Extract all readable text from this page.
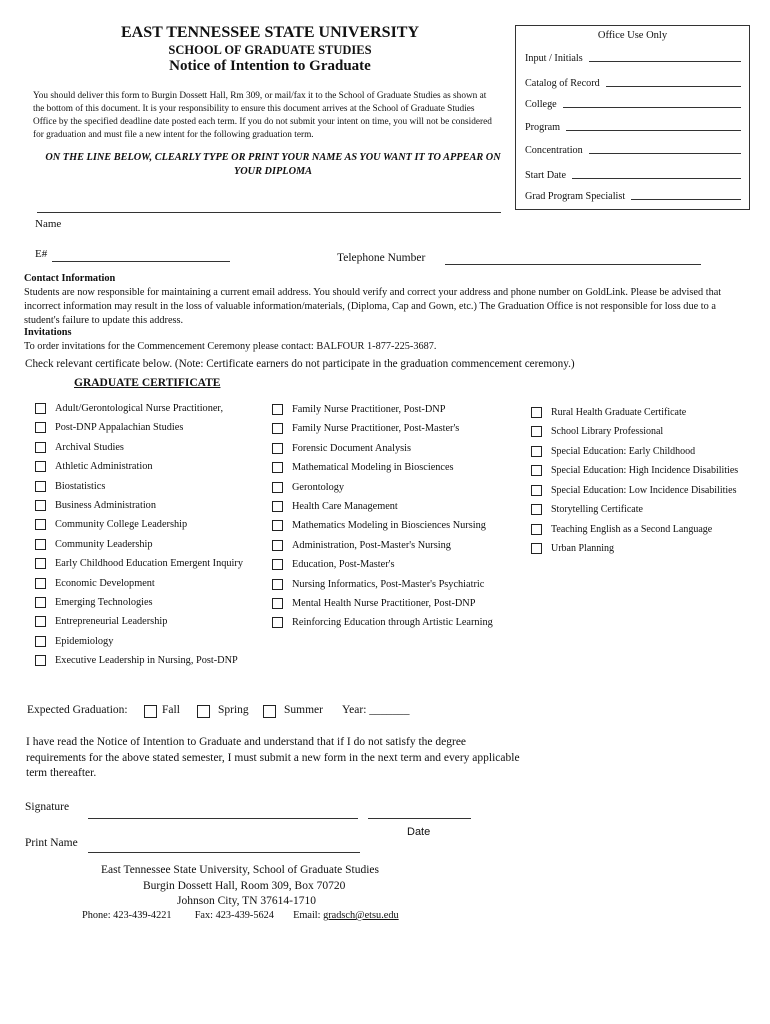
EAST TENNESSEE STATE UNIVERSITY
SCHOOL OF GRADUATE STUDIES
Notice of Intention to Graduate
You should deliver this form to Burgin Dossett Hall, Rm 309, or mail/fax it to the School of Graduate Studies as shown at the bottom of this document. It is your responsibility to ensure this document arrives at the School of Graduate Studies Office by the specified deadline date posted each term. If you do not submit your intent on time, you will not be considered for graduation and must file a new intent for the following graduation term.
ON THE LINE BELOW, CLEARLY TYPE OR PRINT YOUR NAME AS YOU WANT IT TO APPEAR ON YOUR DIPLOMA
Office Use Only
Input / Initials
Catalog of Record
College
Program
Concentration
Start Date
Grad Program Specialist
Name
E#	Telephone Number
Contact Information
Students are now responsible for maintaining a current email address. You should verify and correct your address and phone number on GoldLink. Please be advised that incorrect information may result in the loss of valuable information/materials, (Diploma, Cap and Gown, etc.) The Graduation Office is not responsible for loss due to a student's failure to update this address.
Invitations
To order invitations for the Commencement Ceremony please contact: BALFOUR 1-877-225-3687.
Check relevant certificate below. (Note: Certificate earners do not participate in the graduation commencement ceremony.)
GRADUATE CERTIFICATE
Adult/Gerontological Nurse Practitioner,
Post-DNP Appalachian Studies
Archival Studies
Athletic Administration
Biostatistics
Business Administration
Community College Leadership
Community Leadership
Early Childhood Education Emergent Inquiry
Economic Development
Emerging Technologies
Entrepreneurial Leadership
Epidemiology
Executive Leadership in Nursing, Post-DNP
Family Nurse Practitioner, Post-DNP
Family Nurse Practitioner, Post-Master's
Forensic Document Analysis
Mathematical Modeling in Biosciences
Gerontology
Health Care Management
Mathematics Modeling in Biosciences Nursing
Administration, Post-Master's Nursing
Education, Post-Master's
Nursing Informatics, Post-Master's Psychiatric
Mental Health Nurse Practitioner, Post-DNP
Reinforcing Education through Artistic Learning
Rural Health Graduate Certificate
School Library Professional
Special Education: Early Childhood
Special Education: High Incidence Disabilities
Special Education: Low Incidence Disabilities
Storytelling Certificate
Teaching English as a Second Language
Urban Planning
Expected Graduation:	Fall	Spring	Summer Year: _______
I have read the Notice of Intention to Graduate and understand that if I do not satisfy the degree requirements for the above stated semester, I must submit a new form in the next term and every applicable term thereafter.
Signature
Date
Print Name
East Tennessee State University, School of Graduate Studies
Burgin Dossett Hall, Room 309, Box 70720
Johnson City, TN 37614-1710
Phone: 423-439-4221 Fax: 423-439-5624 Email: gradsch@etsu.edu
